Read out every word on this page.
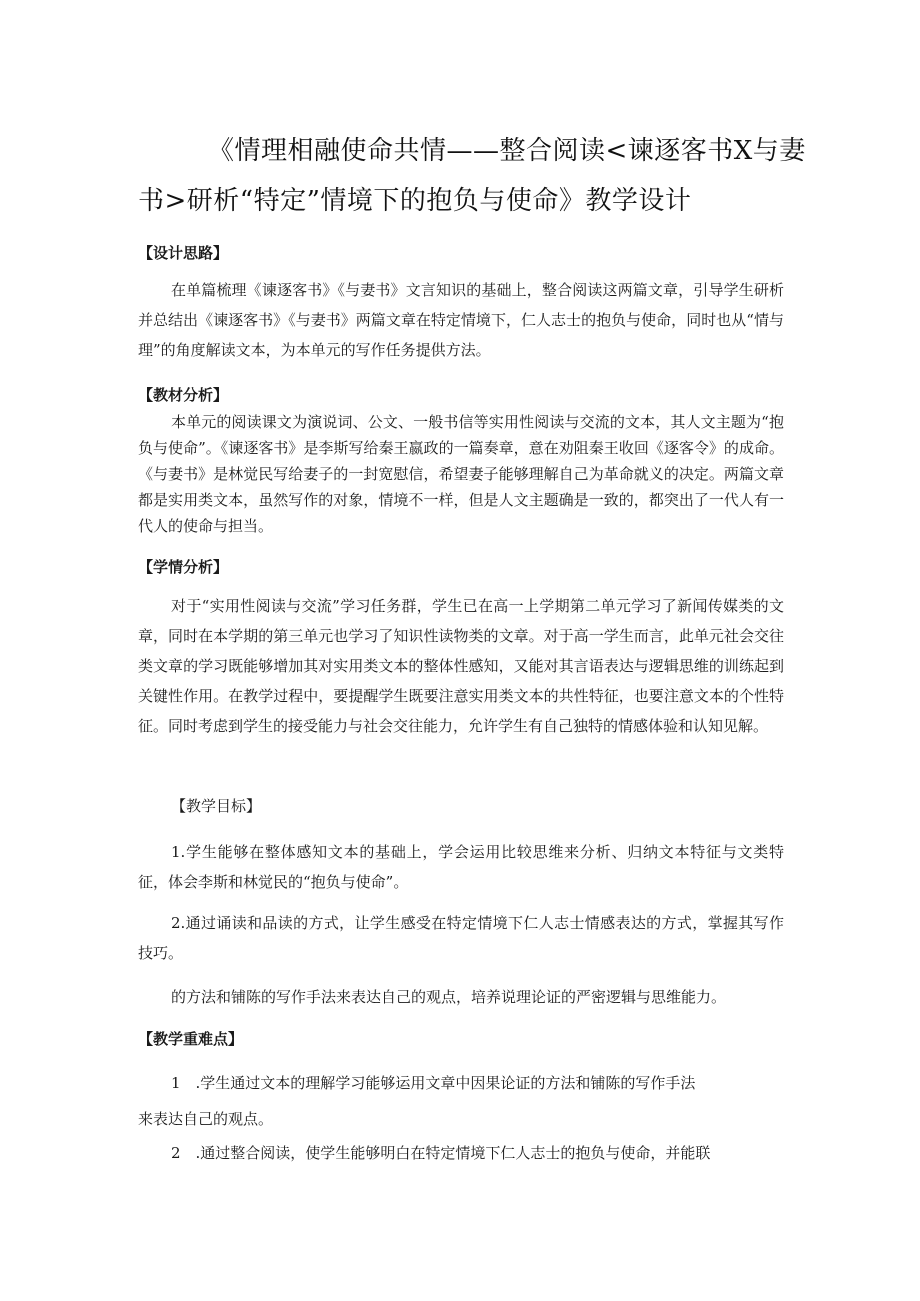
《情理相融使命共情——整合阅读<谏逐客书X与妻
书>研析“特定”情境下的抱负与使命》教学设计
【设计思路】

在单篇梳理《谏逐客书》《与妻书》文言知识的基础上，整合阅读这两篇文章，引导学生研析并总结出《谏逐客书》《与妻书》两篇文章在特定情境下，仁人志士的抱负与使命，同时也从“情与理”的角度解读文本，为本单元的写作任务提供方法。

【教材分析】

本单元的阅读课文为演说词、公文、一般书信等实用性阅读与交流的文本，其人文主题为“抱负与使命”。《谏逐客书》是李斯写给秦王嬴政的一篇奏章，意在劝阻秦王收回《逐客令》的成命。《与妻书》是林觉民写给妻子的一封宽慰信，希望妻子能够理解自己为革命就义的决定。两篇文章都是实用类文本，虽然写作的对象，情境不一样，但是人文主题确是一致的，都突出了一代人有一代人的使命与担当。

【学情分析】

对于“实用性阅读与交流”学习任务群，学生已在高一上学期第二单元学习了新闻传媒类的文章，同时在本学期的第三单元也学习了知识性读物类的文章。对于高一学生而言，此单元社会交往类文章的学习既能够增加其对实用类文本的整体性感知，又能对其言语表达与逻辑思维的训练起到关键性作用。在教学过程中，要提醒学生既要注意实用类文本的共性特征，也要注意文本的个性特征。同时考虑到学生的接受能力与社会交往能力，允许学生有自己独特的情感体验和认知见解。

【教学目标】

1.学生能够在整体感知文本的基础上，学会运用比较思维来分析、归纳文本特征与文类特征，体会李斯和林觉民的“抱负与使命”。

2.通过诵读和品读的方式，让学生感受在特定情境下仁人志士情感表达的方式，掌握其写作技巧。

的方法和铺陈的写作手法来表达自己的观点，培养说理论证的严密逻辑与思维能力。

【教学重难点】
1　.学生通过文本的理解学习能够运用文章中因果论证的方法和铺陈的写作手法
来表达自己的观点。
2　.通过整合阅读，使学生能够明白在特定情境下仁人志士的抱负与使命，并能联
